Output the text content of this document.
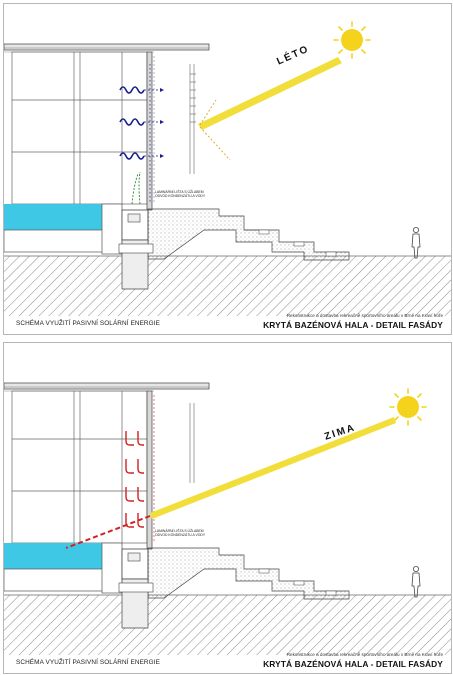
LÉTO
LAMINÁRNÍ LIŠTA S ÚŽLABEM
ODVOD KONDENZÁTU A VODY
SCHÉMA VYUŽITÍ PASIVNÍ SOLÁRNÍ ENERGIE
Rekonstrukce a dostavba rekreačně sportovního areálu v Brně na Kraví hoře
KRYTÁ BAZÉNOVÁ HALA - DETAIL FASÁDY
ZIMA
LAMINÁRNÍ LIŠTA S ÚŽLABEM
ODVOD KONDENZÁTU A VODY
SCHÉMA VYUŽITÍ PASIVNÍ SOLÁRNÍ ENERGIE
Rekonstrukce a dostavba rekreačně sportovního areálu v Brně na Kraví hoře
KRYTÁ BAZÉNOVÁ HALA - DETAIL FASÁDY
